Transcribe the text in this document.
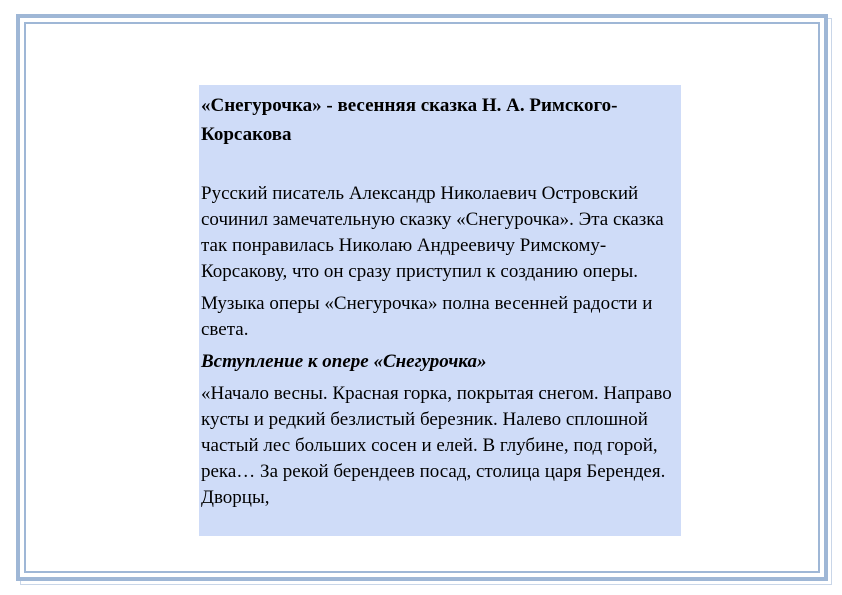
«Снегурочка» - весенняя сказка Н. А. Римского-Корсакова

Русский писатель Александр Николаевич Островский сочинил замечательную сказку «Снегурочка». Эта сказка так понравилась Николаю Андреевичу Римскому-Корсакову, что он сразу приступил к созданию оперы.

Музыка оперы «Снегурочка» полна весенней радости и света.

Вступление к опере «Снегурочка»

«Начало весны. Красная горка, покрытая снегом. Направо кусты и редкий безлистый березник. Налево сплошной частый лес больших сосен и елей. В глубине, под горой, река… За рекой берендеев посад, столица царя Берендея. Дворцы,
